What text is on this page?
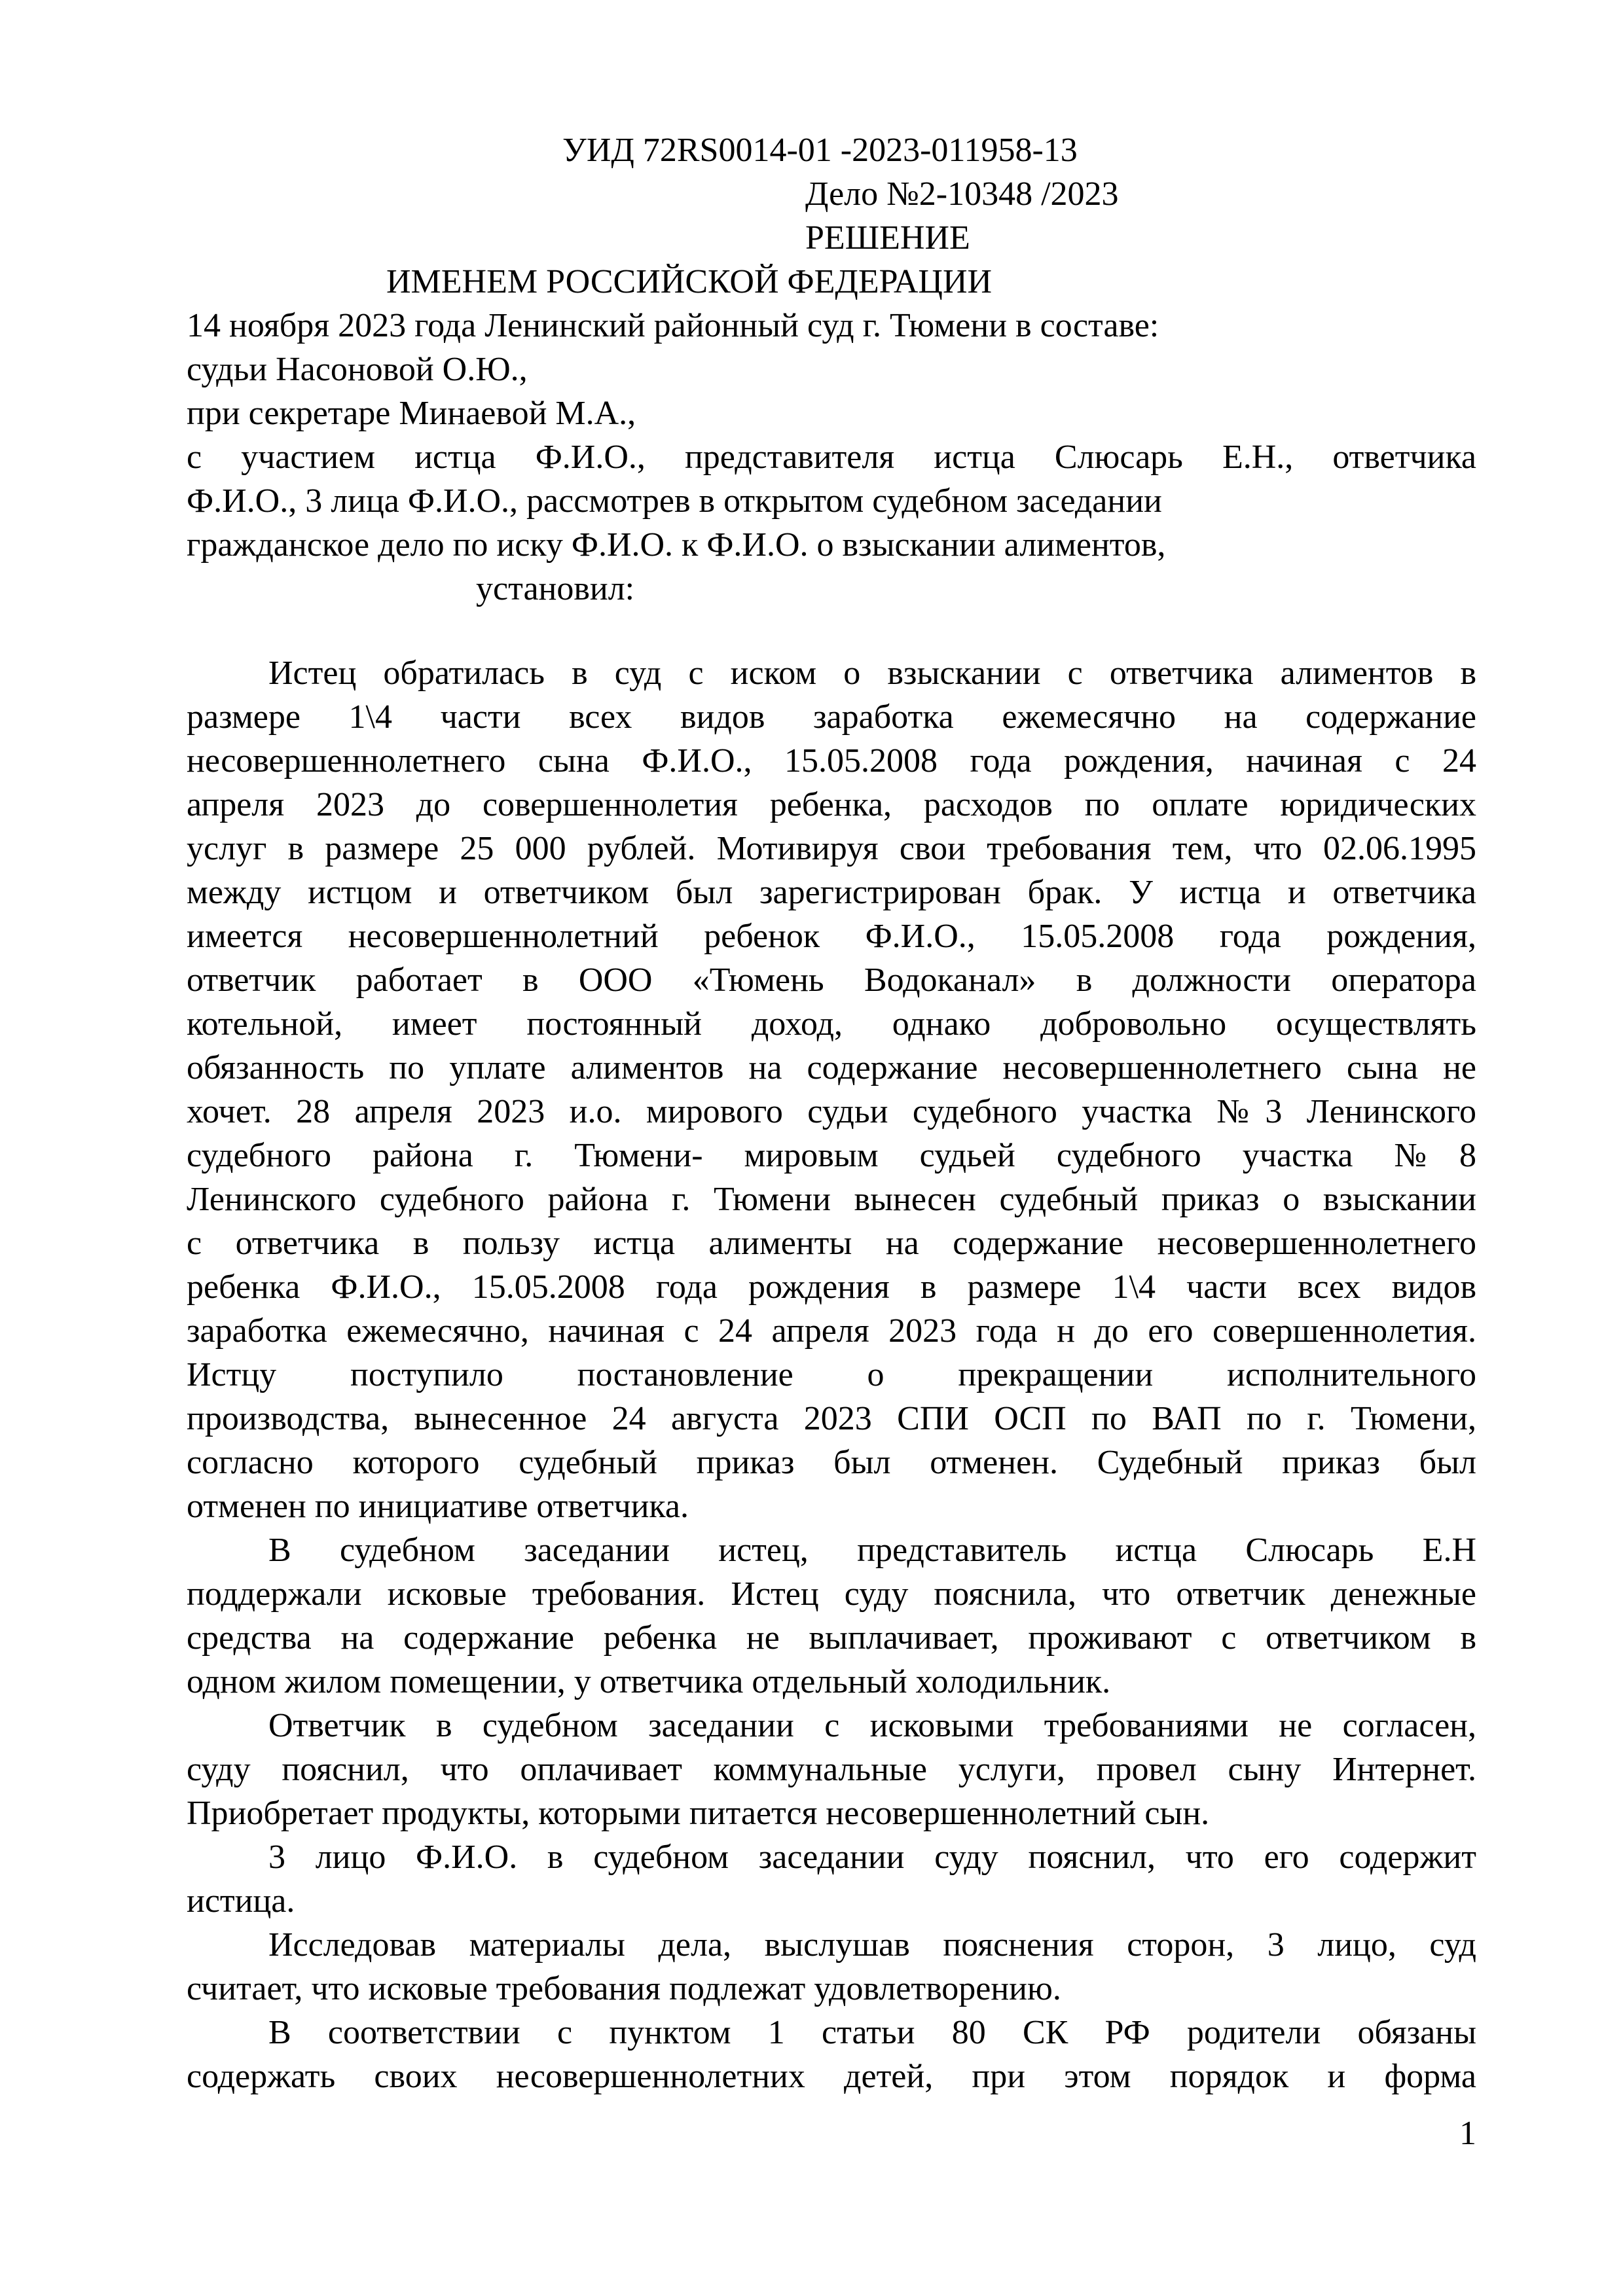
УИД 72RS0014-01 -2023-011958-13
Дело №2-10348 /2023
РЕШЕНИЕ
ИМЕНЕМ РОССИЙСКОЙ ФЕДЕРАЦИИ
14 ноября 2023 года Ленинский районный суд г. Тюмени в составе:
судьи Насоновой О.Ю.,
при секретаре Минаевой М.А.,
с участием истца Ф.И.О., представителя истца Слюсарь Е.Н., ответчика
Ф.И.О., 3 лица Ф.И.О., рассмотрев в открытом судебном заседании
гражданское дело по иску Ф.И.О. к Ф.И.О. о взыскании алиментов,
установил:
Истец обратилась в суд с иском о взыскании с ответчика алиментов в
размере 1\4 части всех видов заработка ежемесячно на содержание
несовершеннолетнего сына Ф.И.О., 15.05.2008 года рождения, начиная с 24
апреля 2023 до совершеннолетия ребенка, расходов по оплате юридических
услуг в размере 25 000 рублей. Мотивируя свои требования тем, что 02.06.1995
между истцом и ответчиком был зарегистрирован брак. У истца и ответчика
имеется несовершеннолетний ребенок Ф.И.О., 15.05.2008 года рождения,
ответчик работает в ООО «Тюмень Водоканал» в должности оператора
котельной, имеет постоянный доход, однако добровольно осуществлять
обязанность по уплате алиментов на содержание несовершеннолетнего сына не
хочет. 28 апреля 2023 и.о. мирового судьи судебного участка №3 Ленинского
судебного района г. Тюмени- мировым судьей судебного участка №8
Ленинского судебного района г. Тюмени вынесен судебный приказ о взыскании
с ответчика в пользу истца алименты на содержание несовершеннолетнего
ребенка Ф.И.О., 15.05.2008 года рождения в размере 1\4 части всех видов
заработка ежемесячно, начиная с 24 апреля 2023 года н до его совершеннолетия.
Истцу поступило постановление о прекращении исполнительного
производства, вынесенное 24 августа 2023 СПИ ОСП по ВАП по г. Тюмени,
согласно которого судебный приказ был отменен. Судебный приказ был
отменен по инициативе ответчика.
В судебном заседании истец, представитель истца Слюсарь Е.Н
поддержали исковые требования. Истец суду пояснила, что ответчик денежные
средства на содержание ребенка не выплачивает, проживают с ответчиком в
одном жилом помещении, у ответчика отдельный холодильник.
Ответчик в судебном заседании с исковыми требованиями не согласен,
суду пояснил, что оплачивает коммунальные услуги, провел сыну Интернет.
Приобретает продукты, которыми питается несовершеннолетний сын.
3 лицо Ф.И.О. в судебном заседании суду пояснил, что его содержит
истица.
Исследовав материалы дела, выслушав пояснения сторон, 3 лицо, суд
считает, что исковые требования подлежат удовлетворению.
В соответствии с пунктом 1 статьи 80 СК РФ родители обязаны
содержать своих несовершеннолетних детей, при этом порядок и форма
1
